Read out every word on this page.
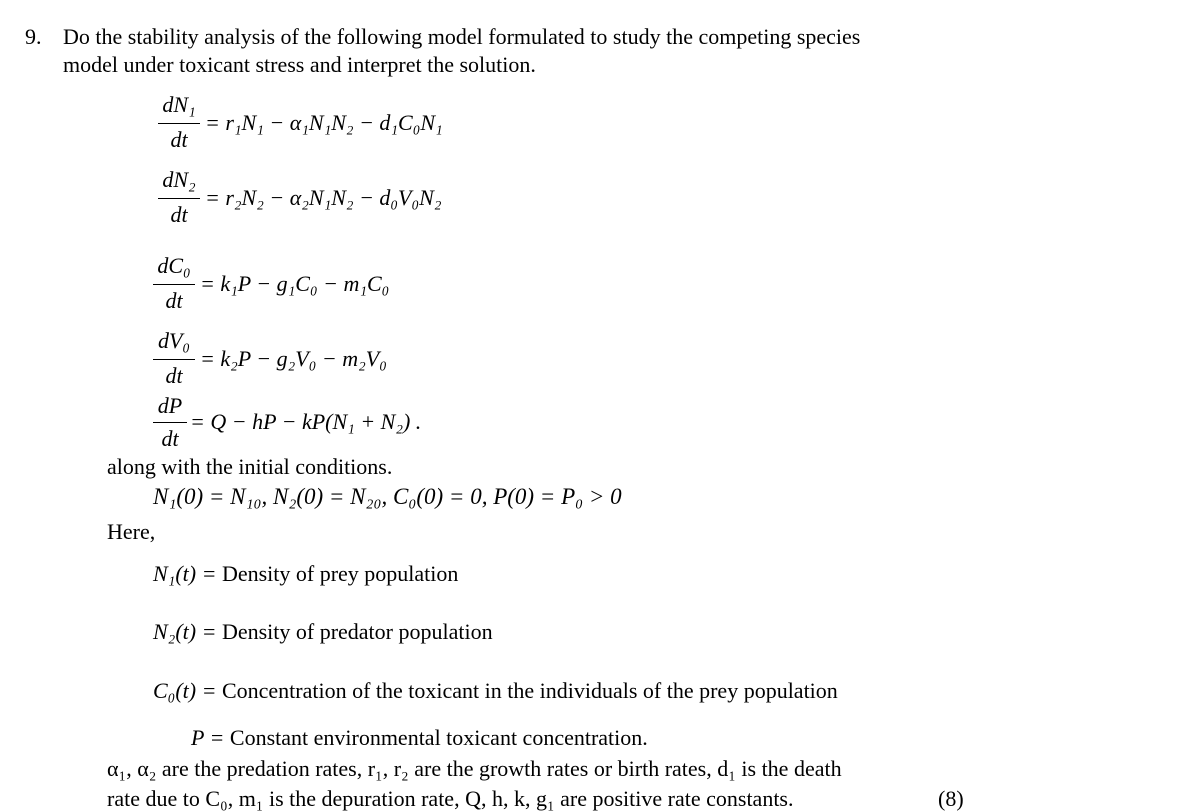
9. Do the stability analysis of the following model formulated to study the competing species
model under toxicant stress and interpret the solution.
dN₁
dt
= r₁N₁ − α₁N₁N₂ − d₁C₀N₁
dN₂
dt
= r₂N₂ − α₂N₁N₂ − d₀V₀N₂
dC₀
dt
= k₁P − g₁C₀ − m₁C₀
dV₀
dt
= k₂P − g₂V₀ − m₂V₀
dP
dt
= Q − hP − kP(N₁ + N₂) .
along with the initial conditions.
N₁(0) = N₁₀, N₂(0) = N₂₀, C₀(0) = 0, P(0) = P₀ > 0
Here,
N₁(t) = Density of prey population
N₂(t) = Density of predator population
C₀(t) = Concentration of the toxicant in the individuals of the prey population
P = Constant environmental toxicant concentration.
α₁, α₂ are the predation rates, r₁, r₂ are the growth rates or birth rates, d₁ is the death
rate due to C₀, m₁ is the depuration rate, Q, h, k, g₁ are positive rate constants.	(8)
